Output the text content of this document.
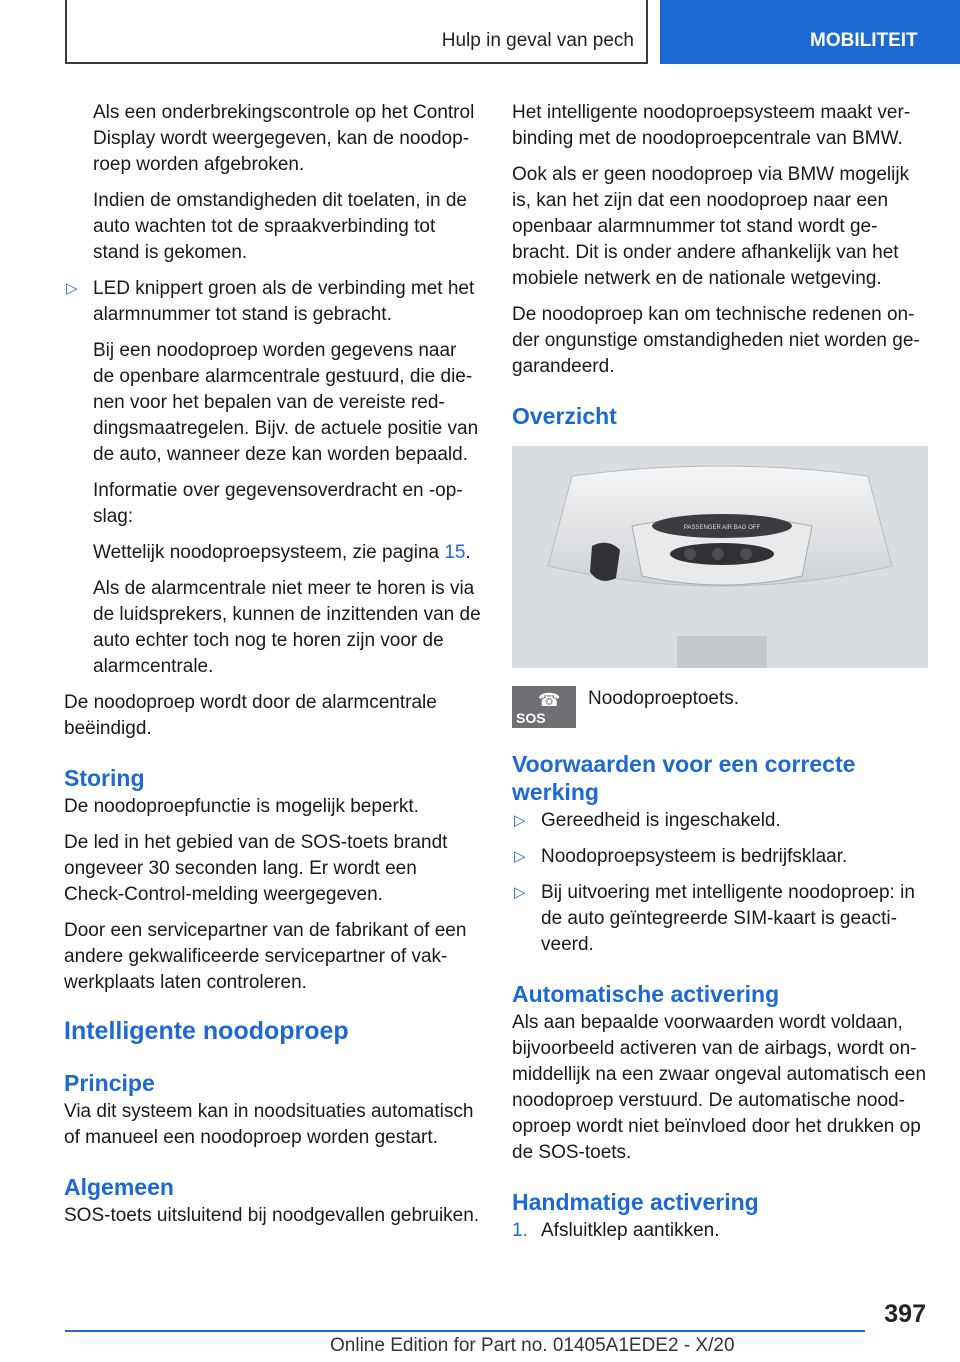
Hulp in geval van pech	MOBILITEIT

Als een onderbrekingscontrole op het Control Display wordt weergegeven, kan de noodoproep worden afgebroken.

Indien de omstandigheden dit toelaten, in de auto wachten tot de spraakverbinding tot stand is gekomen.

▷ LED knippert groen als de verbinding met het alarmnummer tot stand is gebracht.

Bij een noodoproep worden gegevens naar de openbare alarmcentrale gestuurd, die dienen voor het bepalen van de vereiste reddingsmaatregelen. Bijv. de actuele positie van de auto, wanneer deze kan worden bepaald.

Informatie over gegevensoverdracht en -opslag:

Wettelijk noodoproepsysteem, zie pagina 15.

Als de alarmcentrale niet meer te horen is via de luidsprekers, kunnen de inzittenden van de auto echter toch nog te horen zijn voor de alarmcentrale.

De noodoproep wordt door de alarmcentrale beëindigd.

Storing

De noodoproepfunctie is mogelijk beperkt.

De led in het gebied van de SOS-toets brandt ongeveer 30 seconden lang. Er wordt een Check-Control-melding weergegeven.

Door een servicepartner van de fabrikant of een andere gekwalificeerde servicepartner of vakwerkplaats laten controleren.

Intelligente noodoproep
Principe

Via dit systeem kan in noodsituaties automatisch of manueel een noodoproep worden gestart.

Algemeen

SOS-toets uitsluitend bij noodgevallen gebruiken.

Het intelligente noodoproepsysteem maakt verbinding met de noodoproepcentrale van BMW.

Ook als er geen noodoproep via BMW mogelijk is, kan het zijn dat een noodoproep naar een openbaar alarmnummer tot stand wordt gebracht. Dit is onder andere afhankelijk van het mobiele netwerk en de nationale wetgeving.

De noodoproep kan om technische redenen onder ongunstige omstandigheden niet worden gegarandeerd.

Overzicht
PASSENGER AIR BAG OFF
☎
SOS
Noodoproeptoets.
Voorwaarden voor een correcte werking

▷ Gereedheid is ingeschakeld.

▷ Noodoproepsysteem is bedrijfsklaar.

▷ Bij uitvoering met intelligente noodoproep: in de auto geïntegreerde SIM-kaart is geactiveerd.

Automatische activering

Als aan bepaalde voorwaarden wordt voldaan, bijvoorbeeld activeren van de airbags, wordt onmiddellijk na een zwaar ongeval automatisch een noodoproep verstuurd. De automatische noodoproep wordt niet beïnvloed door het drukken op de SOS-toets.

Handmatige activering

1. Afsluitklep aantikken.

397
Online Edition for Part no. 01405A1EDE2 - X/20
